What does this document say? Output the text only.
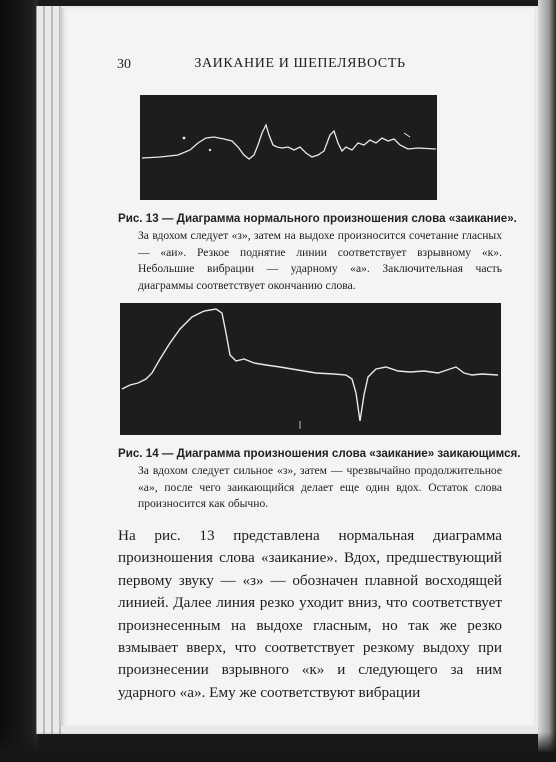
30	ЗАИКАНИЕ И ШЕПЕЛЯВОСТЬ
Рис. 13 — Диаграмма нормального произношения слова «заикание».
За вдохом следует «з», затем на выдохе произносится сочетание гласных — «аи». Резкое поднятие линии соответствует взрывному «к». Небольшие вибрации — ударному «а». Заключительная часть диаграммы соответствует окончанию слова.
Рис. 14 — Диаграмма произношения слова «заикание» заикающимся.
За вдохом следует сильное «з», затем — чрезвычайно продолжительное «а», после чего заикающийся делает еще один вдох. Остаток слова произносится как обычно.

На рис. 13 представлена нормальная диаграмма произношения слова «заикание». Вдох, предшествующий первому звуку — «з» — обозначен плавной восходящей линией. Далее линия резко уходит вниз, что соответствует произнесенным на выдохе гласным, но так же резко взмывает вверх, что соответствует резкому выдоху при произнесении взрывного «к» и следующего за ним ударного «а». Ему же соответствуют вибрации
